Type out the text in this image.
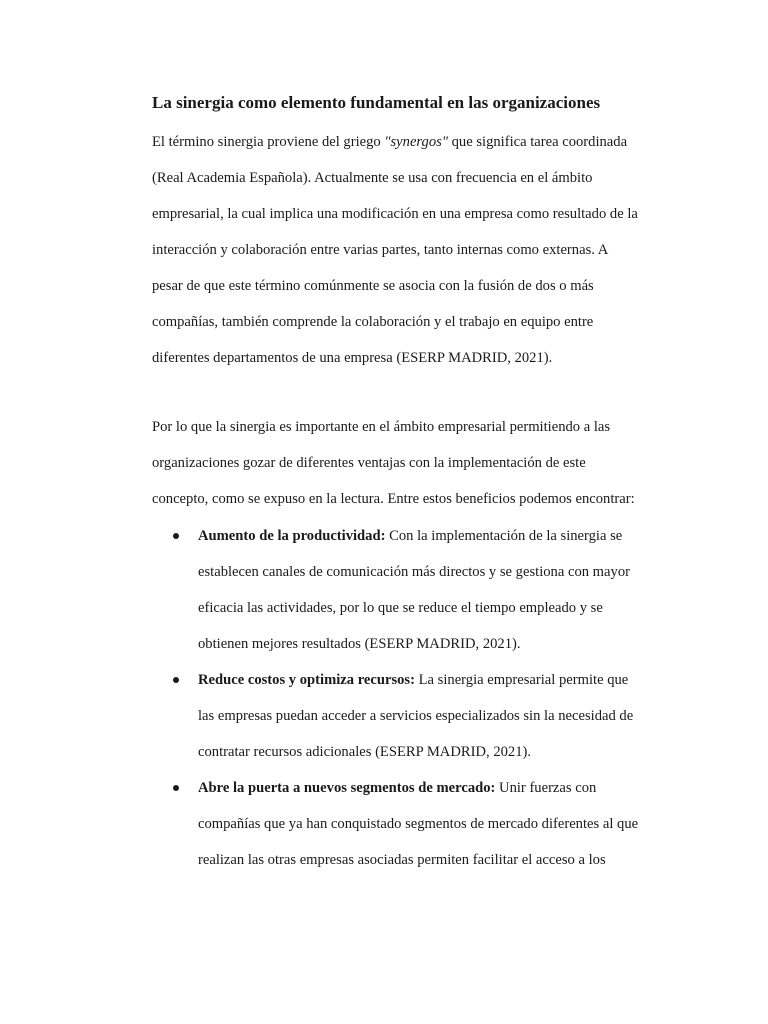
La sinergia como elemento fundamental en las organizaciones
El término sinergia proviene del griego "synergos" que significa tarea coordinada
(Real Academia Española). Actualmente se usa con frecuencia en el ámbito
empresarial, la cual implica una modificación en una empresa como resultado de la
interacción y colaboración entre varias partes, tanto internas como externas. A
pesar de que este término comúnmente se asocia con la fusión de dos o más
compañías, también comprende la colaboración y el trabajo en equipo entre
diferentes departamentos de una empresa (ESERP MADRID, 2021).
Por lo que la sinergia es importante en el ámbito empresarial permitiendo a las
organizaciones gozar de diferentes ventajas con la implementación de este
concepto, como se expuso en la lectura. Entre estos beneficios podemos encontrar:
Aumento de la productividad: Con la implementación de la sinergia se
establecen canales de comunicación más directos y se gestiona con mayor
eficacia las actividades, por lo que se reduce el tiempo empleado y se
obtienen mejores resultados (ESERP MADRID, 2021).
Reduce costos y optimiza recursos: La sinergia empresarial permite que
las empresas puedan acceder a servicios especializados sin la necesidad de
contratar recursos adicionales (ESERP MADRID, 2021).
Abre la puerta a nuevos segmentos de mercado: Unir fuerzas con
compañías que ya han conquistado segmentos de mercado diferentes al que
realizan las otras empresas asociadas permiten facilitar el acceso a los
